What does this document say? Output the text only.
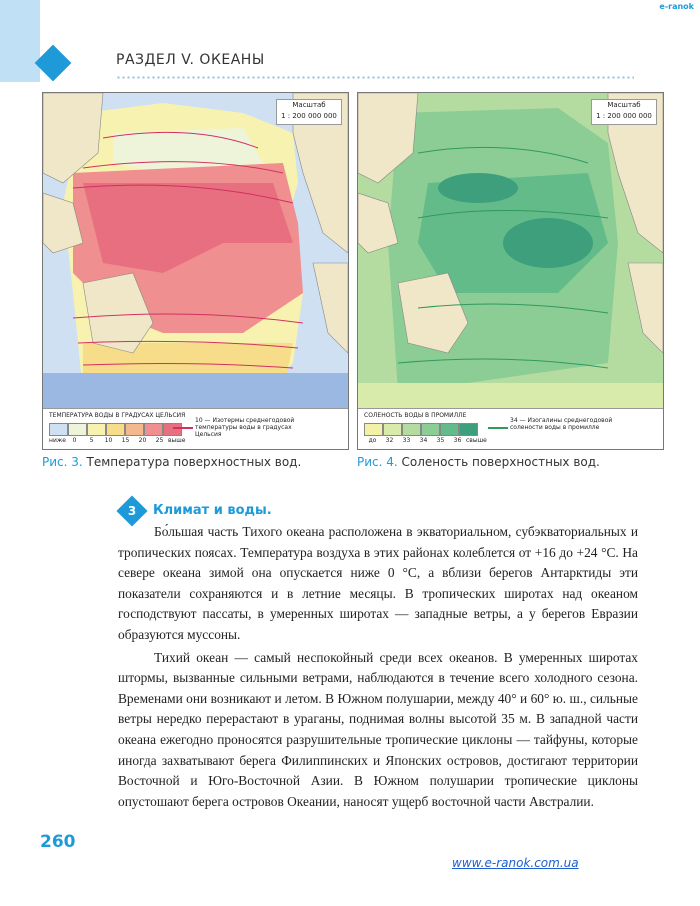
РАЗДЕЛ V. ОКЕАНЫ
e-ranok
Масштаб
1 : 200 000 000
ТЕМПЕРАТУРА ВОДЫ В ГРАДУСАХ ЦЕЛЬСИЯ
ниже	0	5	10	15	20	25 выше
10 — Изотермы среднегодовой температуры воды в градусах Цельсия
Масштаб
1 : 200 000 000
СОЛЕНОСТЬ ВОДЫ В ПРОМИЛЛЕ
до	32	33	34	35	36 свыше
34 — Изогалины среднегодовой солености воды в промилле
Рис. 3. Температура поверхностных вод.	Рис. 4. Соленость поверхностных вод.
3	Климат и воды.

Бо́льшая часть Тихого океана расположена в экваториальном, субэкваториальных и тропических поясах. Температура воздуха в этих районах колеблется от +16 до +24 °С. На севере океана зимой она опускается ниже 0 °С, а вблизи берегов Антарктиды эти показатели сохраняются и в летние месяцы. В тропических широтах над океаном господствуют пассаты, в умеренных широтах — западные ветры, а у берегов Евразии образуются муссоны.

Тихий океан — самый неспокойный среди всех океанов. В умеренных широтах штормы, вызванные сильными ветрами, наблюдаются в течение всего холодного сезона. Временами они возникают и летом. В Южном полушарии, между 40° и 60° ю. ш., сильные ветры нередко перерастают в ураганы, поднимая волны высотой 35 м. В западной части океана ежегодно проносятся разрушительные тропические циклоны — тайфуны, которые иногда захватывают берега Филиппинских и Японских островов, достигают территории Восточной и Юго-Восточной Азии. В Южном полушарии тропические циклоны опустошают берега островов Океании, наносят ущерб восточной части Австралии.

260
www.e-ranok.com.ua
